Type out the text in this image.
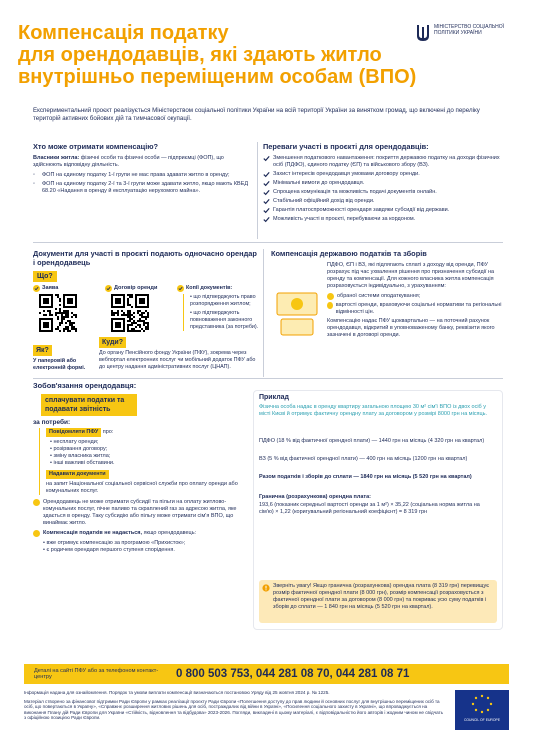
Компенсація податку
для орендодавців, які здають житло
внутрішньо переміщеним особам (ВПО)
МІНІСТЕРСТВО СОЦІАЛЬНОЇ ПОЛІТИКИ УКРАЇНИ
Експериментальний проєкт реалізується Міністерством соціальної політики України на всій території України за винятком громад, що включені до переліку територій активних бойових дій та тимчасової окупації.
Хто може отримати компенсацію?
Власники житла: фізичні особи та фізичні особи — підприємці (ФОП), що здійснюють відповідну діяльність.
◦	ФОП на єдиному податку 1-ї групи не мас права здавати житло в оренду;
◦	ФОП на єдиному податку 2-ї та 3-ї групи може здавати житло, якщо мають КВЕД 68.20 «Надання в оренду й експлуатацію нерухомого майна».
Переваги участі в проєкті для орендодавців:
Зменшення податкового навантаження: покриття державою податку на доходи фізичних осіб (ПДФО), єдиного податку (ЄП) та військового збору (ВЗ).
Захист інтересів орендодавця умовами договору оренди.
Мінімальні вимоги до орендодавця.
Спрощена комунікація та можливість подачі документів онлайн.
Стабільний офіційний дохід від оренди.
Гарантія платоспроможності орендаря завдяки субсидії від держави.
Можливість участі в проєкті, перебуваючи за кордоном.
Документи для участі в проєкті подають одночасно орендар і орендодавець
Що?
Заява	Договір оренди	Копії документів:
• що підтверджують право розпорядження житлом;
• що підтверджують повноваження законного представника (за потреби).
Як?
У паперовій або електронній формі.
Куди?
До органу Пенсійного фонду України (ПФУ), зокрема через вебпортал електронних послуг чи мобільний додаток ПФУ або до центру надання адміністративних послуг (ЦНАП).
Компенсація державою податків та зборів
ПДФО, ЄП і ВЗ, які підлягають сплаті з доходу від оренди, ПФУ розрахує під час ухвалення рішення про призначення субсидії на оренду та компенсації. Для кожного власника житла компенсація розраховується індивідуально, з урахуванням:
обраної системи оподаткування;
вартості оренди, враховуючи соціальні нормативи та регіональні відмінності цін.
Компенсацію надає ПФУ щоквартально — на поточний рахунок орендодавця, відкритий в уповноваженому банку, реквізити якого зазначені в договорі оренди.
Зобов'язання орендодавця:
сплачувати податки та подавати звітність
за потреби:
Повідомляти ПФУ про:
• несплату оренди;
• розірвання договору;
• зміну власника житла;
• інші важливі обставини.
Надавати документи
на запит Національної соціальної сервісної служби про оплату оренди або комунальних послуг.
Орендодавець не може отримати субсидії та пільги на оплату житлово-комунальних послуг, пічне паливо та скраплений газ за адресою житла, яке здається в оренду. Таку субсидію або пільгу може отримати сім'я ВПО, що винаймає житло.
Компенсація податків не надається, якщо орендодавець:
• вже отримує компенсацію за програмою «Прихисток»;
• є родичем орендаря першого ступеня спорідення.
Приклад
Фізична особа надає в оренду квартиру загальною площею 30 м² сім'ї ВПО із двох осіб у місті Києві й отримує фактичну орендну плату за договором у розмірі 8000 грн на місяць.
ПДФО (18 % від фактичної орендної плати) — 1440 грн на місяць (4 320 грн на квартал)
ВЗ (5 % від фактичної орендної плати) — 400 грн на місяць (1200 грн на квартал)
Разом податків і зборів до сплати — 1840 грн на місяць (5 520 грн на квартал)
Гранична (розрахункова) орендна плата:
193,6 (показник середньої вартості оренди за 1 м²) × 35,22 (соціальна норма житла на сім'ю) × 1,22 (коригувальний регіональний коефіцієнт) = 8 319 грн
Зверніть увагу! Якщо гранична (розрахункова) орендна плата (8 319 грн) перевищує розмір фактичної орендної плати (8 000 грн), розмір компенсації розраховується з фактичної орендної плати за договором (8 000 грн) та покриває усю суму податків і зборів до сплати — 1 840 грн на місяць (5 520 грн на квартал).
Деталі на сайті ПФУ або за телефоном контакт-центру	0 800 503 753, 044 281 08 70, 044 281 08 71
Інформація надана для ознайомлення. Порядок та умови виплати компенсації визначаються постановою Уряду від 25 жовтня 2024 р. № 1225.
Матеріал створено за фінансової підтримки Ради Європи у рамках реалізації проєкту Ради Європи «Полегшення доступу до прав людини й основних послуг для внутрішньо переміщених осіб та осіб, що повертаються в Україну», «Справжнє розширення житлових рішень для осіб, постраждалих від війни в Україні», «Посилення соціального захисту в Україні», що впроваджується на виконання Плану дій Ради Європи для України «Стійкість, відновлення та відбудова» 2023-2026. Погляди, викладені в цьому матеріалі, є відповідальністю його авторів і жодним чином не свідчать з офіційною позицією Ради Європи.	COUNCIL OF EUROPE
